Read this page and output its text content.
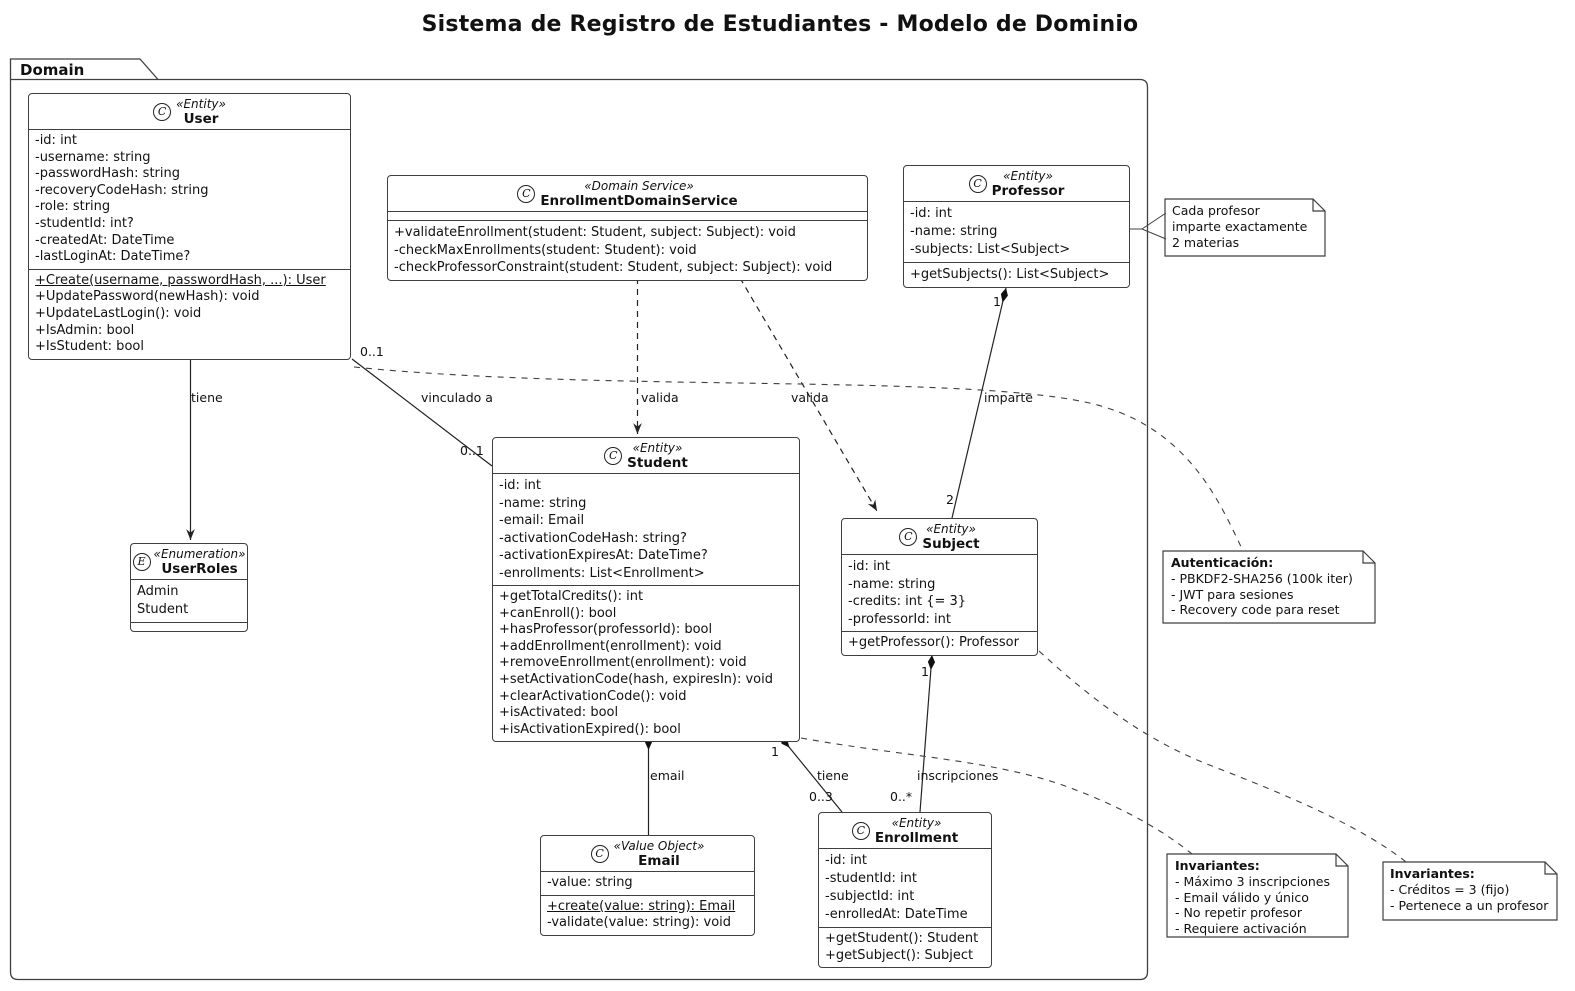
Sistema de Registro de Estudiantes - Modelo de Dominio
Domain
C
«Entity»
User
-id: int
-username: string
-passwordHash: string
-recoveryCodeHash: string
-role: string
-studentId: int?
-createdAt: DateTime
-lastLoginAt: DateTime?
+Create(username, passwordHash, ...): User
+UpdatePassword(newHash): void
+UpdateLastLogin(): void
+IsAdmin: bool
+IsStudent: bool
C
«Domain Service»
EnrollmentDomainService
+validateEnrollment(student: Student, subject: Subject): void
-checkMaxEnrollments(student: Student): void
-checkProfessorConstraint(student: Student, subject: Subject): void
C
«Entity»
Professor
-id: int
-name: string
-subjects: List<Subject>
+getSubjects(): List<Subject>
C
«Entity»
Student
-id: int
-name: string
-email: Email
-activationCodeHash: string?
-activationExpiresAt: DateTime?
-enrollments: List<Enrollment>
+getTotalCredits(): int
+canEnroll(): bool
+hasProfessor(professorId): bool
+addEnrollment(enrollment): void
+removeEnrollment(enrollment): void
+setActivationCode(hash, expiresIn): void
+clearActivationCode(): void
+isActivated: bool
+isActivationExpired(): bool
C
«Entity»
Subject
-id: int
-name: string
-credits: int {= 3}
-professorId: int
+getProfessor(): Professor
E
«Enumeration»
UserRoles
Admin
Student
C
«Value Object»
Email
-value: string
+create(value: string): Email
-validate(value: string): void
C
«Entity»
Enrollment
-id: int
-studentId: int
-subjectId: int
-enrolledAt: DateTime
+getStudent(): Student
+getSubject(): Subject
tiene	vinculado a	valida	valida	imparte
email	tiene	inscripciones
0..1
0..1
1
2
1
0..3
1
0..*
Cada profesor
imparte exactamente
2 materias
Autenticación:
- PBKDF2-SHA256 (100k iter)
- JWT para sesiones
- Recovery code para reset
Invariantes:
- Máximo 3 inscripciones
- Email válido y único
- No repetir profesor
- Requiere activación
Invariantes:
- Créditos = 3 (fijo)
- Pertenece a un profesor
